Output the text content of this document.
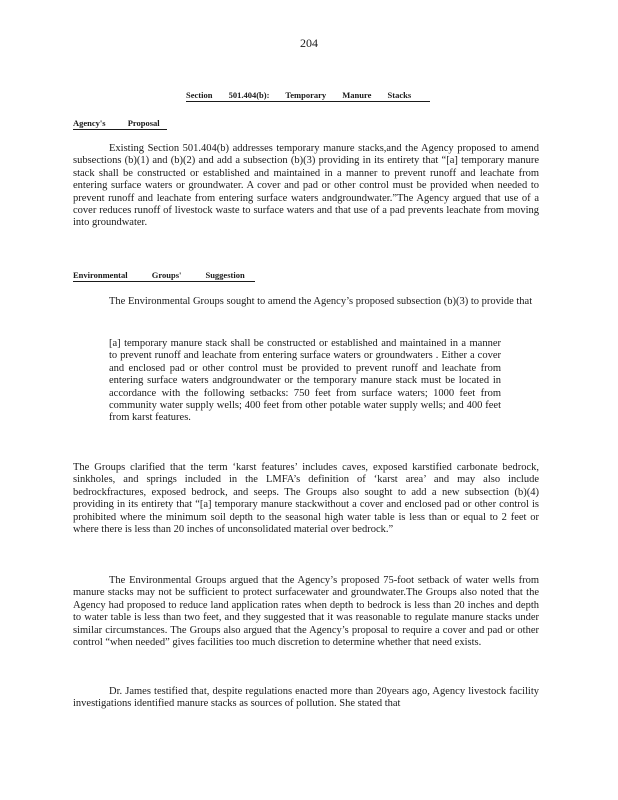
204
Section 501.404(b): Temporary Manure Stacks
Agency's Proposal

Existing Section 501.404(b) addresses temporary manure stacks,and the Agency proposed to amend subsections (b)(1) and (b)(2) and add a subsection (b)(3) providing in its entirety that “[a] temporary manure stack shall be constructed or established and maintained in a manner to prevent runoff and leachate from entering surface waters or groundwater. A cover and pad or other control must be provided when needed to prevent runoff and leachate from entering surface waters andgroundwater.”The Agency argued that use of a cover reduces runoff of livestock waste to surface waters and that use of a pad prevents leachate from moving into groundwater.

Environmental Groups' Suggestion

The Environmental Groups sought to amend the Agency’s proposed subsection (b)(3) to provide that

[a] temporary manure stack shall be constructed or established and maintained in a manner to prevent runoff and leachate from entering surface waters or groundwaters . Either a cover and enclosed pad or other control must be provided to prevent runoff and leachate from entering surface waters andgroundwater or the temporary manure stack must be located in accordance with the following setbacks: 750 feet from surface waters; 1000 feet from community water supply wells; 400 feet from other potable water supply wells; and 400 feet from karst features.

The Groups clarified that the term ‘karst features’ includes caves, exposed karstified carbonate bedrock, sinkholes, and springs included in the LMFA’s definition of ‘karst area’ and may also include bedrockfractures, exposed bedrock, and seeps. The Groups also sought to add a new subsection (b)(4) providing in its entirety that “[a] temporary manure stackwithout a cover and enclosed pad or other control is prohibited where the minimum soil depth to the seasonal high water table is less than or equal to 2 feet or where there is less than 20 inches of unconsolidated material over bedrock.”

The Environmental Groups argued that the Agency’s proposed 75-foot setback of water wells from manure stacks may not be sufficient to protect surfacewater and groundwater.The Groups also noted that the Agency had proposed to reduce land application rates when depth to bedrock is less than 20 inches and depth to water table is less than two feet, and they suggested that it was reasonable to regulate manure stacks under similar circumstances. The Groups also argued that the Agency’s proposal to require a cover and pad or other control “when needed” gives facilities too much discretion to determine whether that need exists.

Dr. James testified that, despite regulations enacted more than 20years ago, Agency livestock facility investigations identified manure stacks as sources of pollution. She stated that
